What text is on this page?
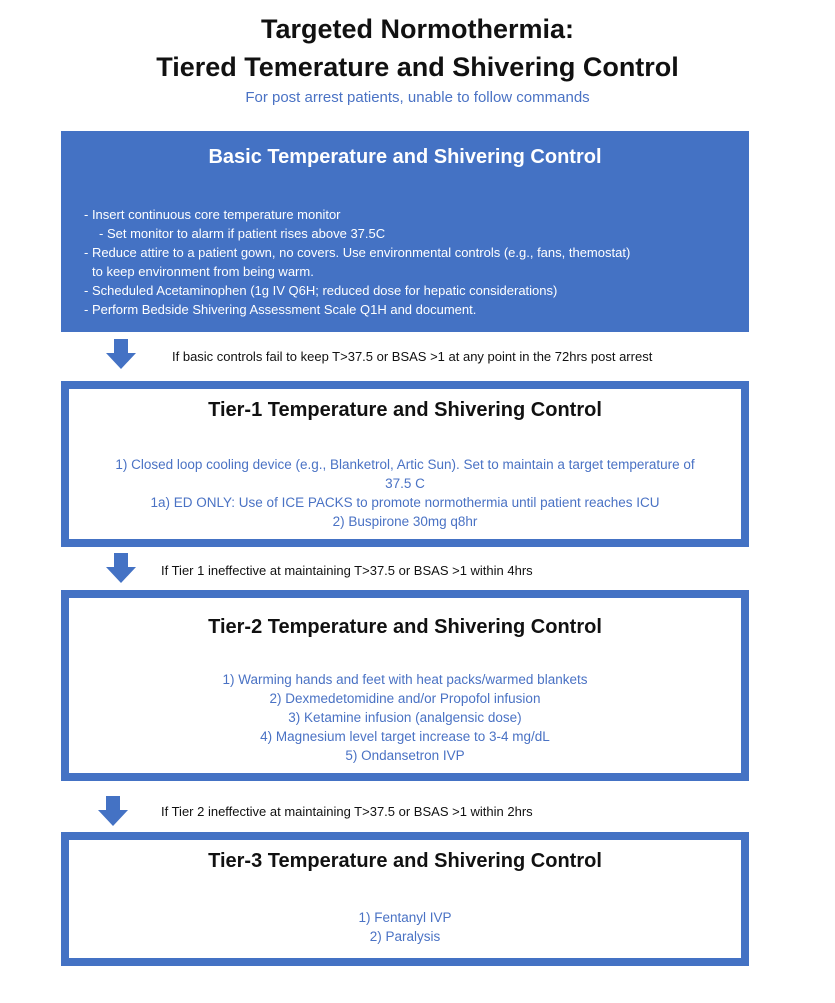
Targeted Normothermia:
Tiered Temerature and Shivering Control
For post arrest patients, unable to follow commands
Basic Temperature and Shivering Control
- Insert continuous core temperature monitor
- Set monitor to alarm if patient rises above 37.5C
- Reduce attire to a patient gown, no covers. Use environmental controls (e.g., fans, themostat)
to keep environment from being warm.
- Scheduled Acetaminophen (1g IV Q6H; reduced dose for hepatic considerations)
- Perform Bedside Shivering Assessment Scale Q1H and document.
If basic controls fail to keep T>37.5 or BSAS >1 at any point in the 72hrs post arrest
Tier-1 Temperature and Shivering Control
1) Closed loop cooling device (e.g., Blanketrol, Artic Sun). Set to maintain a target temperature of
37.5 C
1a) ED ONLY: Use of ICE PACKS to promote normothermia until patient reaches ICU
2) Buspirone 30mg q8hr
If Tier 1 ineffective at maintaining T>37.5 or BSAS >1 within 4hrs
Tier-2 Temperature and Shivering Control
1) Warming hands and feet with heat packs/warmed blankets
2) Dexmedetomidine and/or Propofol infusion
3) Ketamine infusion (analgensic dose)
4) Magnesium level target increase to 3-4 mg/dL
5) Ondansetron IVP
If Tier 2 ineffective at maintaining T>37.5 or BSAS >1 within 2hrs
Tier-3 Temperature and Shivering Control
1) Fentanyl IVP
2) Paralysis
